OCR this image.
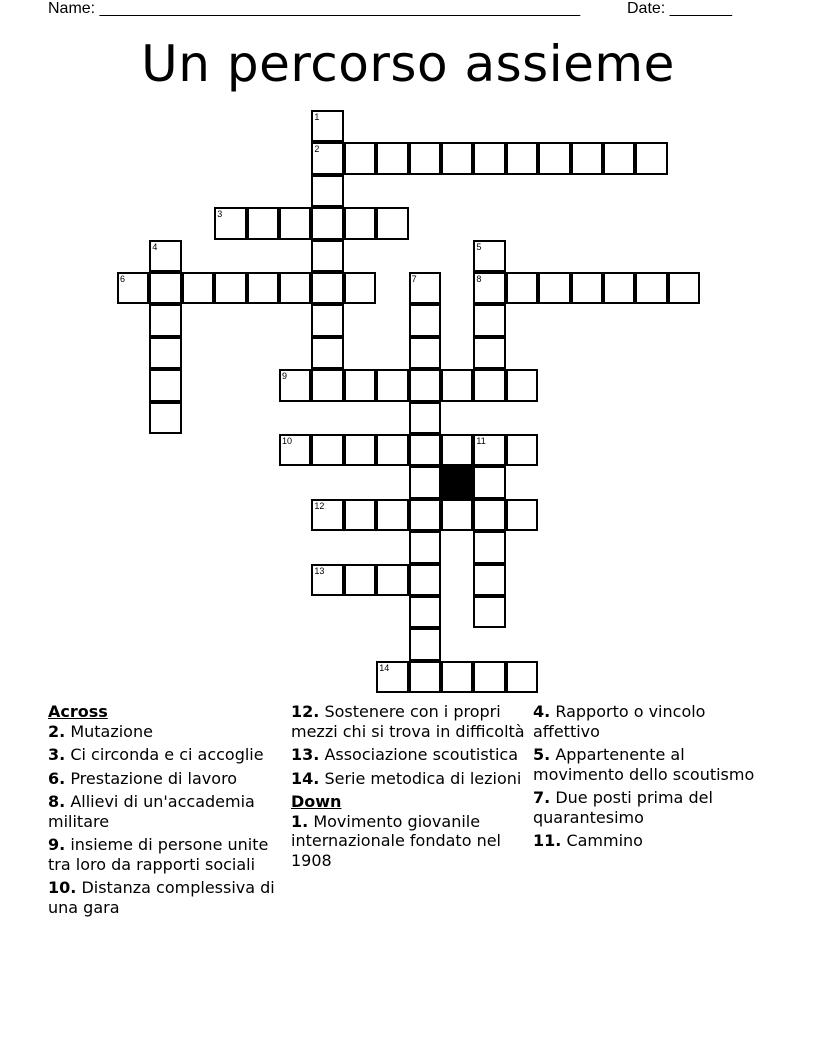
Name: ______________________________________________________	Date: _______
Un percorso assieme
1
2
3
4	5
8
6	7
9
10	11
12
13
14
Across
2. Mutazione
3. Ci circonda e ci accoglie
6. Prestazione di lavoro
8. Allievi di un'accademia militare
9. insieme di persone unite tra loro da rapporti sociali
10. Distanza complessiva di una gara
12. Sostenere con i propri mezzi chi si trova in difficoltà
13. Associazione scoutistica
14. Serie metodica di lezioni
Down
1. Movimento giovanile internazionale fondato nel 1908
4. Rapporto o vincolo affettivo
5. Appartenente al movimento dello scoutismo
7. Due posti prima del quarantesimo
11. Cammino
